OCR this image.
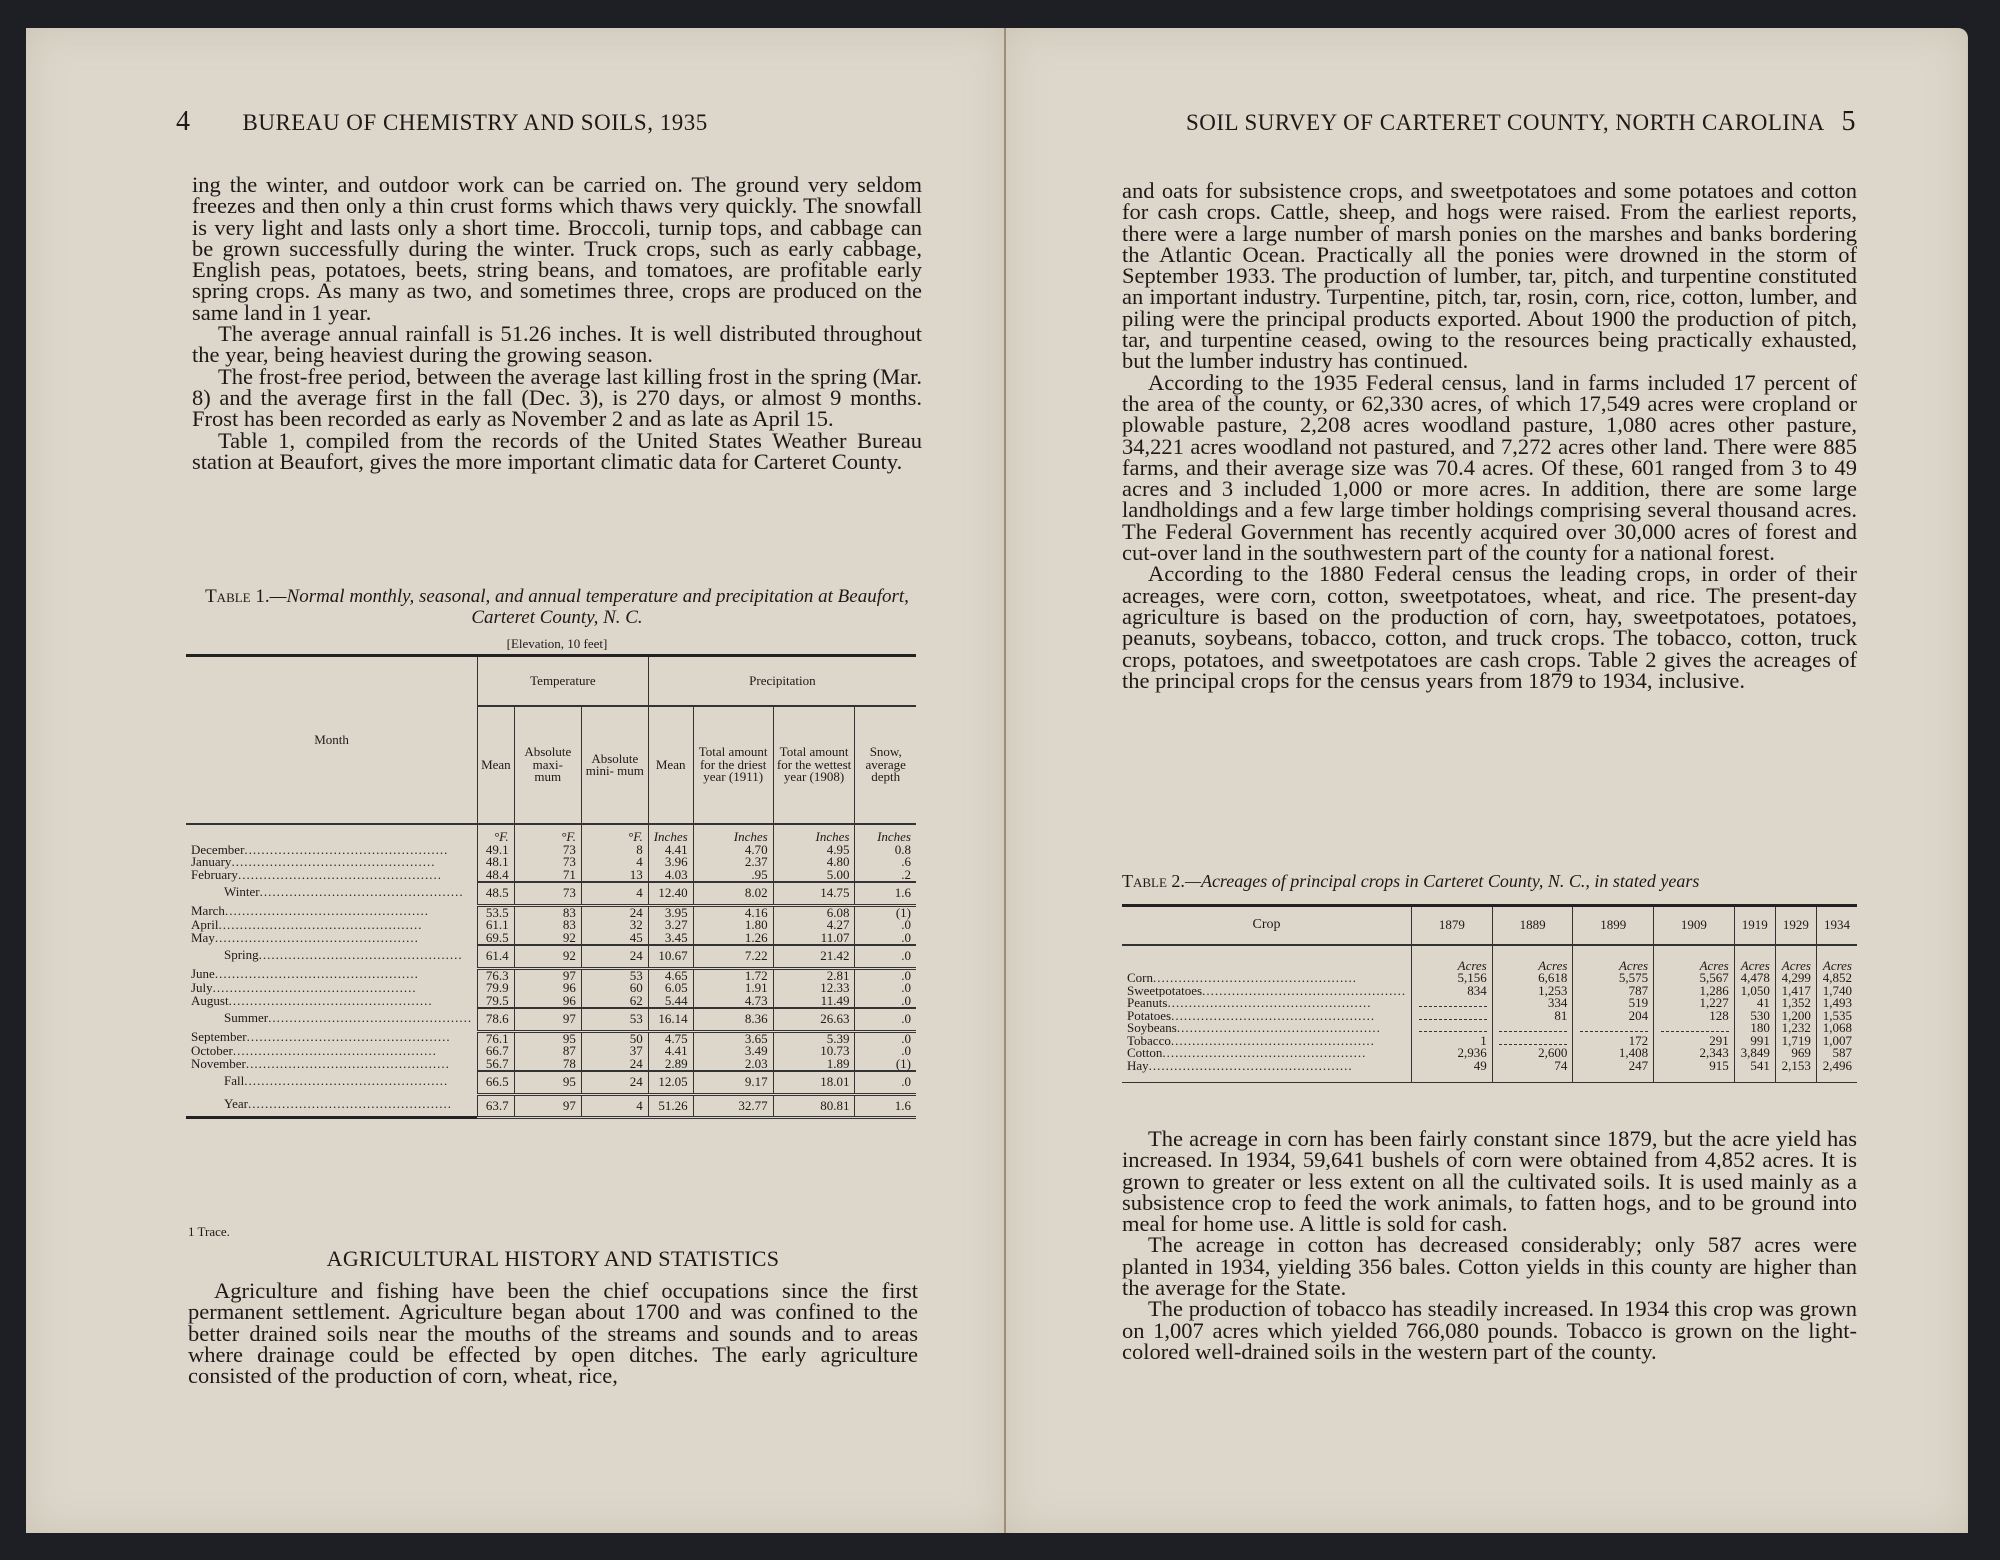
4 BUREAU OF CHEMISTRY AND SOILS, 1935

ing the winter, and outdoor work can be carried on. The ground very seldom freezes and then only a thin crust forms which thaws very quickly. The snowfall is very light and lasts only a short time. Broccoli, turnip tops, and cabbage can be grown successfully during the winter. Truck crops, such as early cabbage, English peas, potatoes, beets, string beans, and tomatoes, are profitable early spring crops. As many as two, and sometimes three, crops are produced on the same land in 1 year.

The average annual rainfall is 51.26 inches. It is well distributed throughout the year, being heaviest during the growing season.

The frost-free period, between the average last killing frost in the spring (Mar. 8) and the average first in the fall (Dec. 3), is 270 days, or almost 9 months. Frost has been recorded as early as November 2 and as late as April 15.

Table 1, compiled from the records of the United States Weather Bureau station at Beaufort, gives the more important climatic data for Carteret County.

Table 1.—Normal monthly, seasonal, and annual temperature and precipitation at Beaufort, Carteret County, N. C.
[Elevation, 10 feet]
Month	Temperature			Precipitation			
	Mean	Absolute maxi- mum	Absolute mini- mum	Mean	Total amount for the driest year (1911)	Total amount for the wettest year (1908)	Snow, average depth
	°F.	°F.	°F.	Inches	Inches	Inches	Inches
December .....	49.1	73	8	4.41	4.70	4.95	0.8
January .....	48.1	73	4	3.96	2.37	4.80	.6
February .....	48.4	71	13	4.03	.95	5.00	.2
Winter .....	48.5	73	4	12.40	8.02	14.75	1.6
March .....	53.5	83	24	3.95	4.16	6.08	(1)
April .....	61.1	83	32	3.27	1.80	4.27	.0
May .....	69.5	92	45	3.45	1.26	11.07	.0
Spring .....	61.4	92	24	10.67	7.22	21.42	.0
June .....	76.3	97	53	4.65	1.72	2.81	.0
July .....	79.9	96	60	6.05	1.91	12.33	.0
August .....	79.5	96	62	5.44	4.73	11.49	.0
Summer .....	78.6	97	53	16.14	8.36	26.63	.0
September .....	76.1	95	50	4.75	3.65	5.39	.0
October .....	66.7	87	37	4.41	3.49	10.73	.0
November .....	56.7	78	24	2.89	2.03	1.89	(1)
Fall .....	66.5	95	24	12.05	9.17	18.01	.0
Year .....	63.7	97	4	51.26	32.77	80.81	1.6
1 Trace.
AGRICULTURAL HISTORY AND STATISTICS

Agriculture and fishing have been the chief occupations since the first permanent settlement. Agriculture began about 1700 and was confined to the better drained soils near the mouths of the streams and sounds and to areas where drainage could be effected by open ditches. The early agriculture consisted of the production of corn, wheat, rice,

SOIL SURVEY OF CARTERET COUNTY, NORTH CAROLINA 5

and oats for subsistence crops, and sweetpotatoes and some potatoes and cotton for cash crops. Cattle, sheep, and hogs were raised. From the earliest reports, there were a large number of marsh ponies on the marshes and banks bordering the Atlantic Ocean. Practically all the ponies were drowned in the storm of September 1933. The production of lumber, tar, pitch, and turpentine constituted an important industry. Turpentine, pitch, tar, rosin, corn, rice, cotton, lumber, and piling were the principal products exported. About 1900 the production of pitch, tar, and turpentine ceased, owing to the resources being practically exhausted, but the lumber industry has continued.

According to the 1935 Federal census, land in farms included 17 percent of the area of the county, or 62,330 acres, of which 17,549 acres were cropland or plowable pasture, 2,208 acres woodland pasture, 1,080 acres other pasture, 34,221 acres woodland not pastured, and 7,272 acres other land. There were 885 farms, and their average size was 70.4 acres. Of these, 601 ranged from 3 to 49 acres and 3 included 1,000 or more acres. In addition, there are some large landholdings and a few large timber holdings comprising several thousand acres. The Federal Government has recently acquired over 30,000 acres of forest and cut-over land in the southwestern part of the county for a national forest.

According to the 1880 Federal census the leading crops, in order of their acreages, were corn, cotton, sweetpotatoes, wheat, and rice. The present-day agriculture is based on the production of corn, hay, sweetpotatoes, potatoes, peanuts, soybeans, tobacco, cotton, and truck crops. The tobacco, cotton, truck crops, potatoes, and sweetpotatoes are cash crops. Table 2 gives the acreages of the principal crops for the census years from 1879 to 1934, inclusive.

Table 2.—Acreages of principal crops in Carteret County, N. C., in stated years
Crop	1879	1889	1899	1909	1919	1929	1934
	Acres	Acres	Acres	Acres	Acres	Acres	Acres
Corn .....	5,156	6,618	5,575	5,567	4,478	4,299	4,852
Sweetpotatoes .....	834	1,253	787	1,286	1,050	1,417	1,740
Peanuts .....		334	519	1,227	41	1,352	1,493
Potatoes .....		81	204	128	530	1,200	1,535
Soybeans .....					180	1,232	1,068
Tobacco .....	1		172	291	991	1,719	1,007
Cotton .....	2,936	2,600	1,408	2,343	3,849	969	587
Hay .....	49	74	247	915	541	2,153	2,496

The acreage in corn has been fairly constant since 1879, but the acre yield has increased. In 1934, 59,641 bushels of corn were obtained from 4,852 acres. It is grown to greater or less extent on all the cultivated soils. It is used mainly as a subsistence crop to feed the work animals, to fatten hogs, and to be ground into meal for home use. A little is sold for cash.

The acreage in cotton has decreased considerably; only 587 acres were planted in 1934, yielding 356 bales. Cotton yields in this county are higher than the average for the State.

The production of tobacco has steadily increased. In 1934 this crop was grown on 1,007 acres which yielded 766,080 pounds. Tobacco is grown on the light-colored well-drained soils in the western part of the county.
